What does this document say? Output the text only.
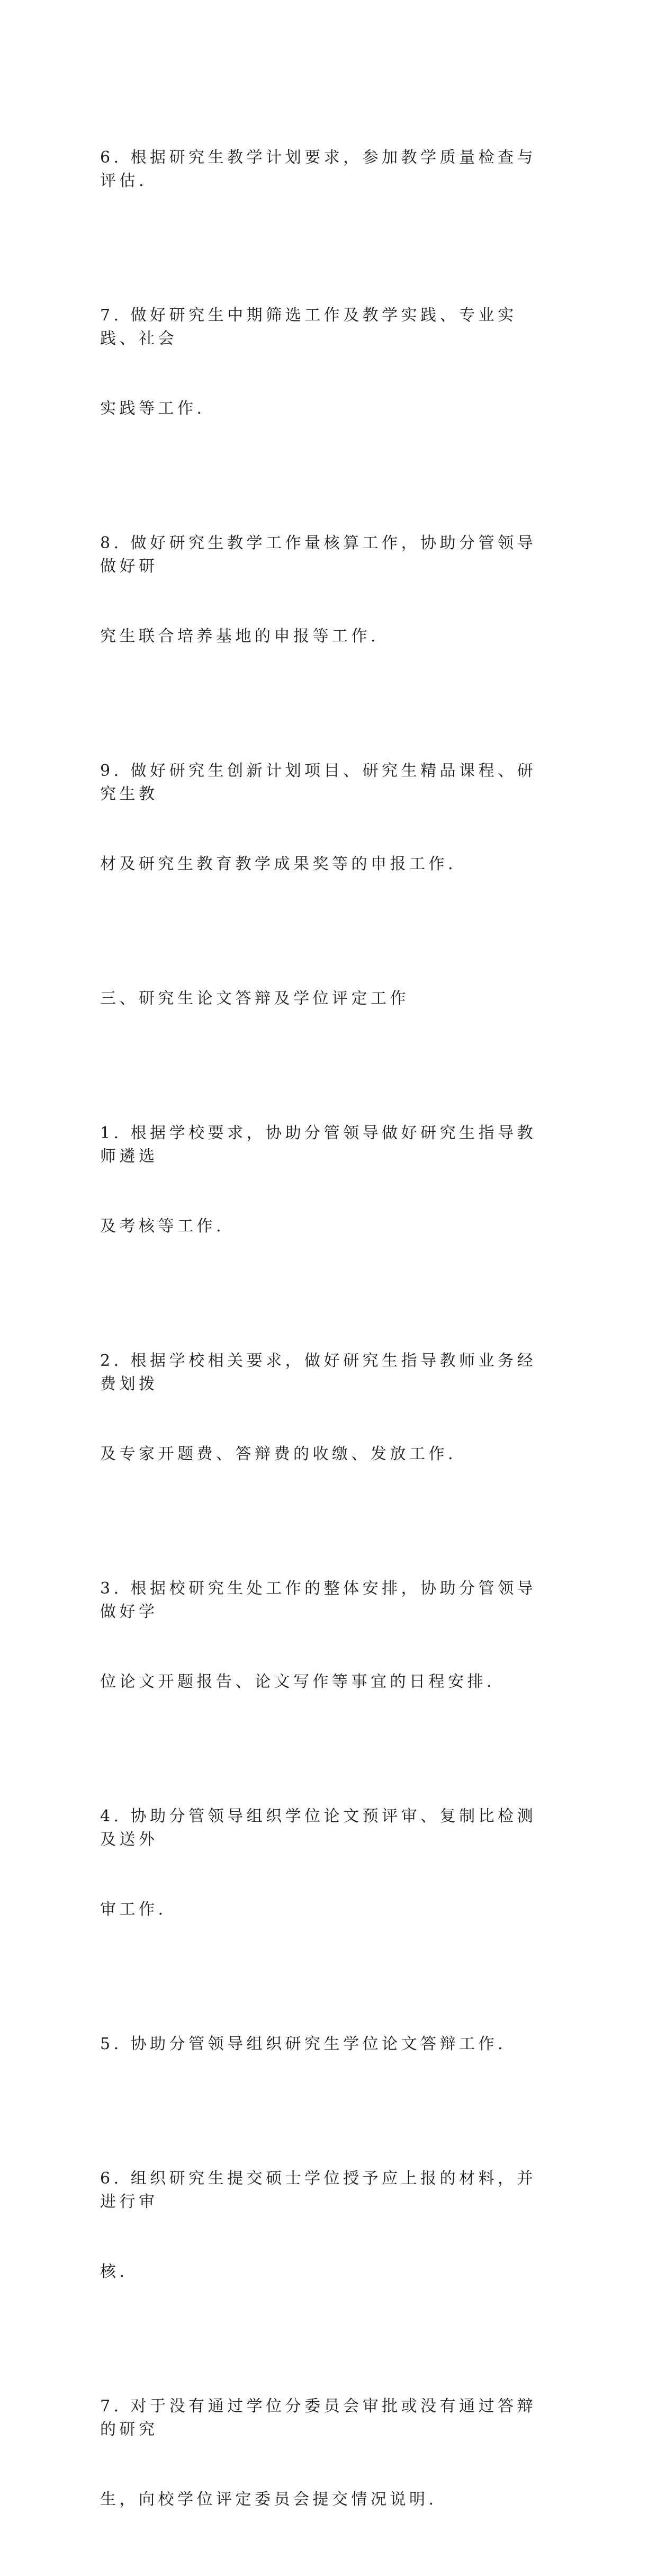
6. 根据研究生教学计划要求，参加教学质量检查与评估.

7. 做好研究生中期筛选工作及教学实践、专业实践、社会

实践等工作.

8. 做好研究生教学工作量核算工作，协助分管领导做好研

究生联合培养基地的申报等工作.

9. 做好研究生创新计划项目、研究生精品课程、研究生教

材及研究生教育教学成果奖等的申报工作.

三、研究生论文答辩及学位评定工作

1. 根据学校要求，协助分管领导做好研究生指导教师遴选

及考核等工作.

2. 根据学校相关要求，做好研究生指导教师业务经费划拨

及专家开题费、答辩费的收缴、发放工作.

3. 根据校研究生处工作的整体安排，协助分管领导做好学

位论文开题报告、论文写作等事宜的日程安排.

4. 协助分管领导组织学位论文预评审、复制比检测及送外

审工作.

5. 协助分管领导组织研究生学位论文答辩工作.

6. 组织研究生提交硕士学位授予应上报的材料，并进行审

核.

7. 对于没有通过学位分委员会审批或没有通过答辩的研究

生，向校学位评定委员会提交情况说明.
